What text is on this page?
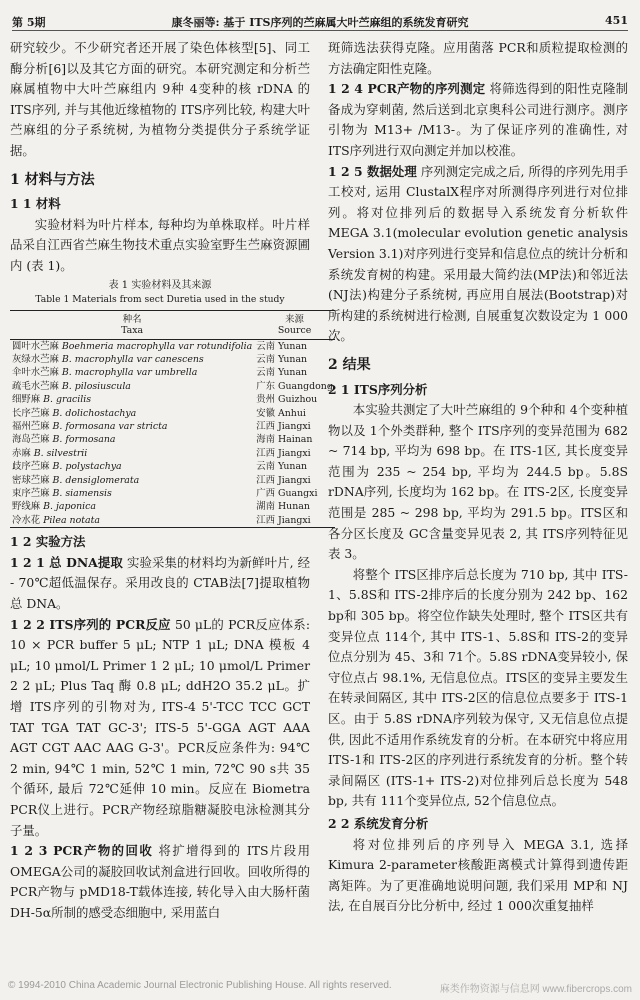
第 5期	康冬丽等: 基于 ITS序列的苎麻属大叶苎麻组的系统发育研究	451

研究较少。不少研究者还开展了染色体核型[5]、同工酶分析[6]以及其它方面的研究。本研究测定和分析苎麻属植物中大叶苎麻组内 9种 4变种的核 rDNA 的 ITS序列, 并与其他近缘植物的 ITS序列比较, 构建大叶苎麻组的分子系统树, 为植物分类提供分子系统学证据。

1 材料与方法
1 1 材料

实验材料为叶片样本, 每种均为单株取样。叶片样品采自江西省苎麻生物技术重点实验室野生苎麻资源圃内 (表 1)。

表 1 实验材料及其来源
Table 1 Materials from sect Duretia used in the study
种名	来源
Taxa	Source
圆叶水苎麻 Boehmeria macrophylla var rotundifolia	云南 Yunan
灰绿水苎麻 B. macrophylla var canescens	云南 Yunan
伞叶水苎麻 B. macrophylla var umbrella	云南 Yunan
疏毛水苎麻 B. pilosiuscula	广东 Guangdong
细野麻 B. gracilis	贵州 Guizhou
长序苎麻 B. dolichostachya	安徽 Anhui
福州苎麻 B. formosana var stricta	江西 Jiangxi
海岛苎麻 B. formosana	海南 Hainan
赤麻 B. silvestrii	江西 Jiangxi
歧序苎麻 B. polystachya	云南 Yunan
密球苎麻 B. densiglomerata	江西 Jiangxi
束序苎麻 B. siamensis	广西 Guangxi
野线麻 B. japonica	湖南 Hunan
冷水花 Pilea notata	江西 Jiangxi
1 2 实验方法

1 2 1 总 DNA提取 实验采集的材料均为新鲜叶片, 经 - 70℃超低温保存。采用改良的 CTAB法[7]提取植物总 DNA。

1 2 2 ITS序列的 PCR反应 50 μL的 PCR反应体系: 10 × PCR buffer 5 μL; NTP 1 μL; DNA 模板 4 μL; 10 μmol/L Primer 1 2 μL; 10 μmol/L Primer 2 2 μL; Plus Taq 酶 0.8 μL; ddH2O 35.2 μL。扩增 ITS序列的引物对为, ITS-4 5'-TCC TCC GCT TAT TGA TAT GC-3'; ITS-5 5'-GGA AGT AAA AGT CGT AAC AAG G-3'。PCR反应条件为: 94℃ 2 min, 94℃ 1 min, 52℃ 1 min, 72℃ 90 s共 35个循环, 最后 72℃延伸 10 min。反应在 Biometra PCR仪上进行。PCR产物经琼脂糖凝胶电泳检测其分子量。

1 2 3 PCR产物的回收 将扩增得到的 ITS片段用 OMEGA公司的凝胶回收试剂盒进行回收。回收所得的 PCR产物与 pMD18-T载体连接, 转化导入由大肠杆菌 DH-5α所制的感受态细胞中, 采用蓝白

斑筛选法获得克隆。应用菌落 PCR和质粒提取检测的方法确定阳性克隆。

1 2 4 PCR产物的序列测定 将筛选得到的阳性克隆制备成为穿刺菌, 然后送到北京奥科公司进行测序。测序引物为 M13+ /M13-。为了保证序列的准确性, 对 ITS序列进行双向测定并加以校准。

1 2 5 数据处理 序列测定完成之后, 所得的序列先用手工校对, 运用 ClustalX程序对所测得序列进行对位排列。将对位排列后的数据导入系统发育分析软件 MEGA 3.1(molecular evolution genetic analysis Version 3.1)对序列进行变异和信息位点的统计分析和系统发育树的构建。采用最大简约法(MP法)和邻近法(NJ法)构建分子系统树, 再应用自展法(Bootstrap)对所构建的系统树进行检测, 自展重复次数设定为 1 000次。

2 结果
2 1 ITS序列分析

本实验共测定了大叶苎麻组的 9个种和 4个变种植物以及 1个外类群种, 整个 ITS序列的变异范围为 682 ~ 714 bp, 平均为 698 bp。在 ITS-1区, 其长度变异范围为 235 ~ 254 bp, 平均为 244.5 bp。5.8S rDNA序列, 长度均为 162 bp。在 ITS-2区, 长度变异范围是 285 ~ 298 bp, 平均为 291.5 bp。ITS区和各分区长度及 GC含量变异见表 2, 其 ITS序列特征见表 3。

将整个 ITS区排序后总长度为 710 bp, 其中 ITS-1、5.8S和 ITS-2排序后的长度分别为 242 bp、162 bp和 305 bp。将空位作缺失处理时, 整个 ITS区共有变异位点 114个, 其中 ITS-1、5.8S和 ITS-2的变异位点分别为 45、3和 71个。5.8S rDNA变异较小, 保守位点占 98.1%, 无信息位点。ITS区的变异主要发生在转录间隔区, 其中 ITS-2区的信息位点要多于 ITS-1区。由于 5.8S rDNA序列较为保守, 又无信息位点提供, 因此不适用作系统发育的分析。在本研究中将应用 ITS-1和 ITS-2区的序列进行系统发育的分析。整个转录间隔区 (ITS-1+ ITS-2)对位排列后总长度为 548 bp, 共有 111个变异位点, 52个信息位点。

2 2 系统发育分析

将对位排列后的序列导入 MEGA 3.1, 选择 Kimura 2-parameter核酸距离模式计算得到遗传距离矩阵。为了更准确地说明问题, 我们采用 MP和 NJ法, 在自展百分比分析中, 经过 1 000次重复抽样

© 1994-2010 China Academic Journal Electronic Publishing House. All rights reserved.	麻类作物资源与信息网 www.fibercrops.com
